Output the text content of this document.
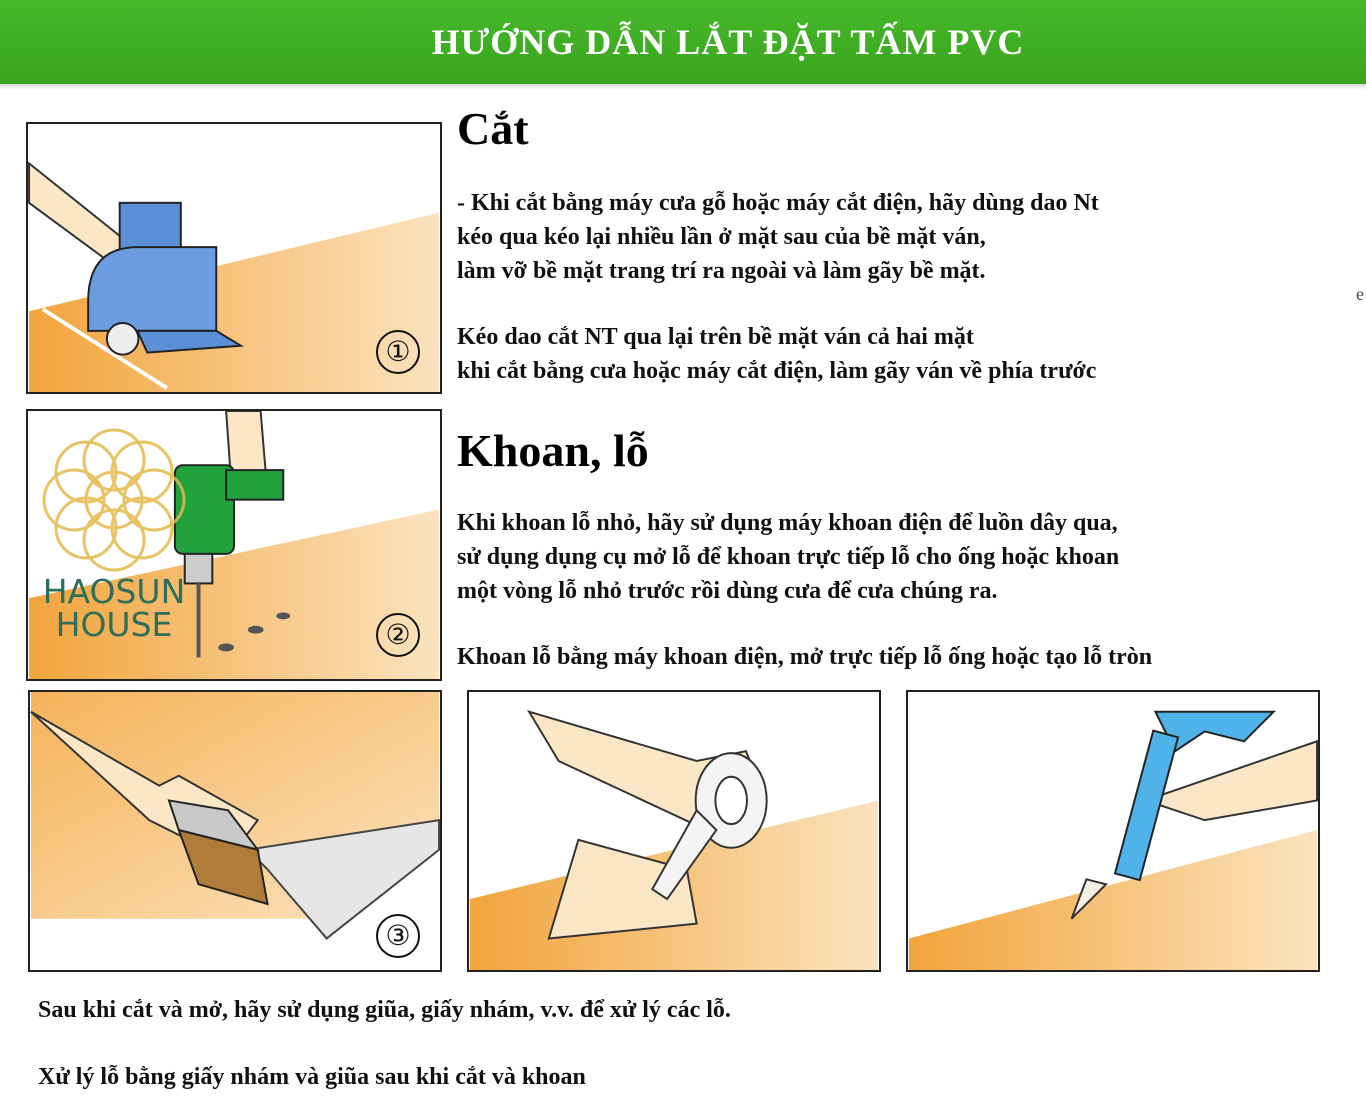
HƯỚNG DẪN LẮT ĐẶT TẤM PVC
①
②
HAOSUN
HOUSE
③
Cắt

- Khi cắt bằng máy cưa gỗ hoặc máy cắt điện, hãy dùng dao Nt

kéo qua kéo lại nhiều lần ở mặt sau của bề mặt ván,

làm vỡ bề mặt trang trí ra ngoài và làm gãy bề mặt.

Kéo dao cắt NT qua lại trên bề mặt ván cả hai mặt

khi cắt bằng cưa hoặc máy cắt điện, làm gãy ván về phía trước

Khoan, lỗ

Khi khoan lỗ nhỏ, hãy sử dụng máy khoan điện để luồn dây qua,

sử dụng dụng cụ mở lỗ để khoan trực tiếp lỗ cho ống hoặc khoan

một vòng lỗ nhỏ trước rồi dùng cưa để cưa chúng ra.

Khoan lỗ bằng máy khoan điện, mở trực tiếp lỗ ống hoặc tạo lỗ tròn

Sau khi cắt và mở, hãy sử dụng giũa, giấy nhám, v.v. để xử lý các lỗ.

Xử lý lỗ bằng giấy nhám và giũa sau khi cắt và khoan

e
